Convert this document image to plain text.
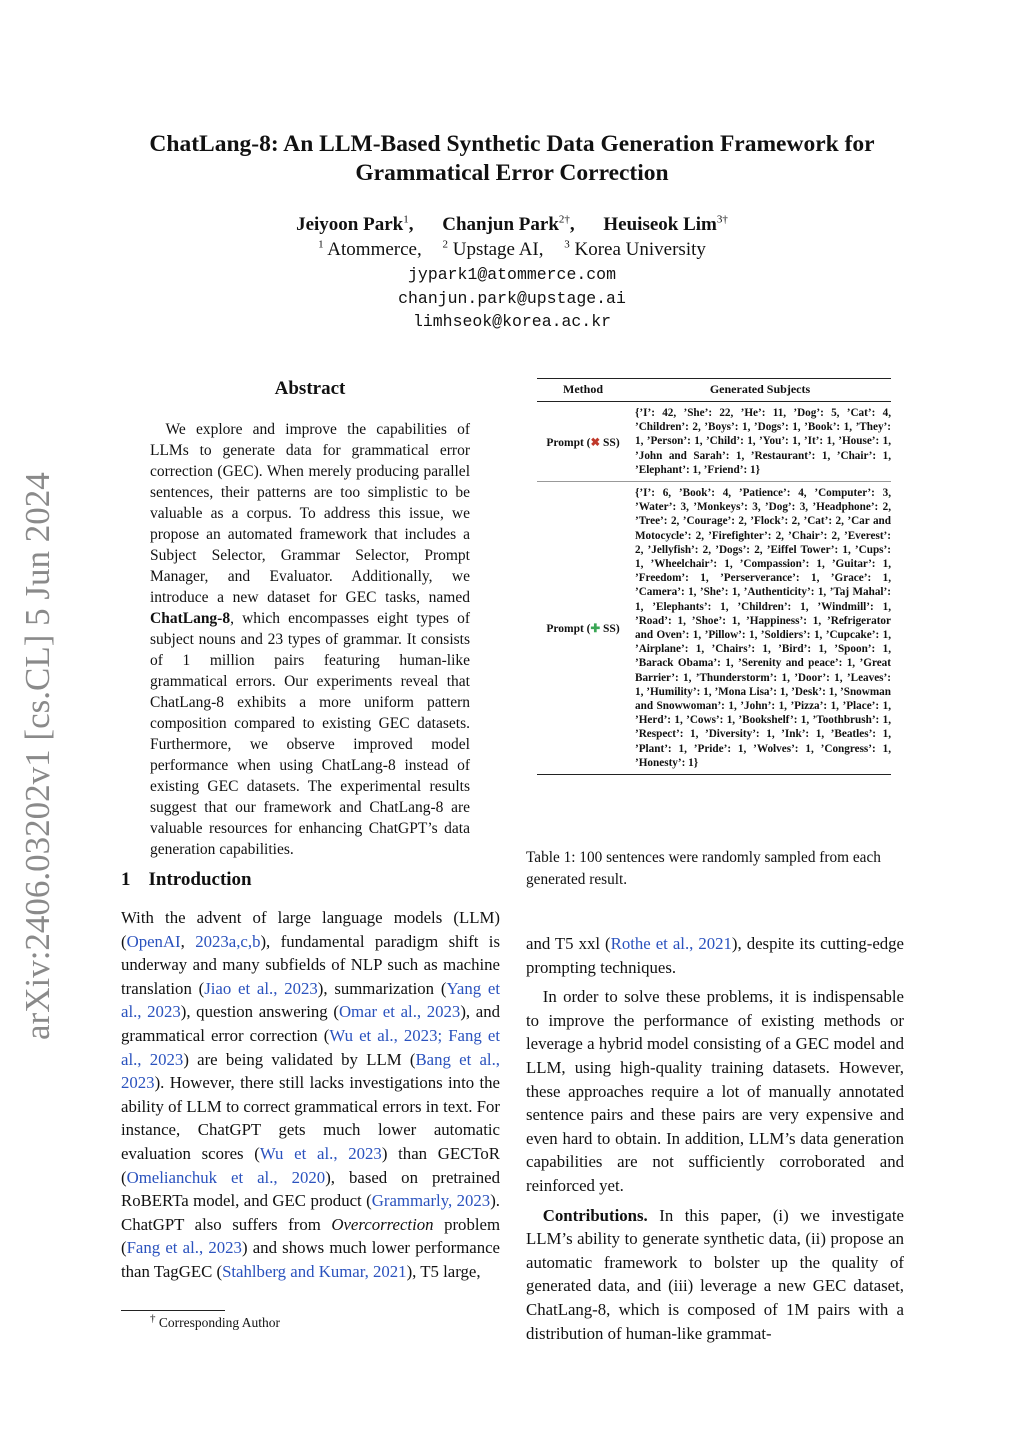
arXiv:2406.03202v1 [cs.CL] 5 Jun 2024
ChatLang-8: An LLM-Based Synthetic Data Generation Framework for
Grammatical Error Correction
Jeiyoon Park$^1$, Chanjun Park$^{2\dagger}$, Heuiseok Lim$^{3\dagger}$
$^1$ Atommerce, $^2$ Upstage AI, $^3$ Korea University
jypark1@atommerce.com
chanjun.park@upstage.ai
limhseok@korea.ac.kr
Abstract

We explore and improve the capabilities of LLMs to generate data for grammatical error correction (GEC). When merely producing parallel sentences, their patterns are too simplistic to be valuable as a corpus. To address this issue, we propose an automated framework that includes a Subject Selector, Grammar Selector, Prompt Manager, and Evaluator. Additionally, we introduce a new dataset for GEC tasks, named ChatLang-8, which encompasses eight types of subject nouns and 23 types of grammar. It consists of 1 million pairs featuring human-like grammatical errors. Our experiments reveal that ChatLang-8 exhibits a more uniform pattern composition compared to existing GEC datasets. Furthermore, we observe improved model performance when using ChatLang-8 instead of existing GEC datasets. The experimental results suggest that our framework and ChatLang-8 are valuable resources for enhancing ChatGPT’s data generation capabilities.

1 Introduction

With the advent of large language models (LLM) (OpenAI, 2023a,c,b), fundamental paradigm shift is underway and many subfields of NLP such as machine translation (Jiao et al., 2023), summarization (Yang et al., 2023), question answering (Omar et al., 2023), and grammatical error correction (Wu et al., 2023; Fang et al., 2023) are being validated by LLM (Bang et al., 2023). However, there still lacks investigations into the ability of LLM to correct grammatical errors in text. For instance, ChatGPT gets much lower automatic evaluation scores (Wu et al., 2023) than GECToR (Omelianchuk et al., 2020), based on pretrained RoBERTa model, and GEC product (Grammarly, 2023). ChatGPT also suffers from Overcorrection problem (Fang et al., 2023) and shows much lower performance than TagGEC (Stahlberg and Kumar, 2021), T5 large,

† Corresponding Author
Method	Generated Subjects
Prompt (✖ SS)	{’I’: 42, ’She’: 22, ’He’: 11, ’Dog’: 5, ’Cat’: 4, ’Children’: 2, ’Boys’: 1, ’Dogs’: 1, ’Book’: 1, ’They’: 1, ’Person’: 1, ’Child’: 1, ’You’: 1, ’It’: 1, ’House’: 1, ’John and Sarah’: 1, ’Restaurant’: 1, ’Chair’: 1, ’Elephant’: 1, ’Friend’: 1}
Prompt (✚ SS)	{’I’: 6, ’Book’: 4, ’Patience’: 4, ’Computer’: 3, ’Water’: 3, ’Monkeys’: 3, ’Dog’: 3, ’Headphone’: 2, ’Tree’: 2, ’Courage’: 2, ’Flock’: 2, ’Cat’: 2, ’Car and Motocycle’: 2, ’Firefighter’: 2, ’Chair’: 2, ’Everest’: 2, ’Jellyfish’: 2, ’Dogs’: 2, ’Eiffel Tower’: 1, ’Cups’: 1, ’Wheelchair’: 1, ’Compassion’: 1, ’Guitar’: 1, ’Freedom’: 1, ’Perserverance’: 1, ’Grace’: 1, ’Camera’: 1, ’She’: 1, ’Authenticity’: 1, ’Taj Mahal’: 1, ’Elephants’: 1, ’Children’: 1, ’Windmill’: 1, ’Road’: 1, ’Shoe’: 1, ’Happiness’: 1, ’Refrigerator and Oven’: 1, ’Pillow’: 1, ’Soldiers’: 1, ’Cupcake’: 1, ’Airplane’: 1, ’Chairs’: 1, ’Bird’: 1, ’Spoon’: 1, ’Barack Obama’: 1, ’Serenity and peace’: 1, ’Great Barrier’: 1, ’Thunderstorm’: 1, ’Door’: 1, ’Leaves’: 1, ’Humility’: 1, ’Mona Lisa’: 1, ’Desk’: 1, ’Snowman and Snowwoman’: 1, ’John’: 1, ’Pizza’: 1, ’Place’: 1, ’Herd’: 1, ’Cows’: 1, ’Bookshelf’: 1, ’Toothbrush’: 1, ’Respect’: 1, ’Diversity’: 1, ’Ink’: 1, ’Beatles’: 1, ’Plant’: 1, ’Pride’: 1, ’Wolves’: 1, ’Congress’: 1, ’Honesty’: 1}
Table 1: 100 sentences were randomly sampled from each generated result.

and T5 xxl (Rothe et al., 2021), despite its cutting-edge prompting techniques.

In order to solve these problems, it is indispensable to improve the performance of existing methods or leverage a hybrid model consisting of a GEC model and LLM, using high-quality training datasets. However, these approaches require a lot of manually annotated sentence pairs and these pairs are very expensive and even hard to obtain. In addition, LLM’s data generation capabilities are not sufficiently corroborated and reinforced yet.

Contributions. In this paper, (i) we investigate LLM’s ability to generate synthetic data, (ii) propose an automatic framework to bolster up the quality of generated data, and (iii) leverage a new GEC dataset, ChatLang-8, which is composed of 1M pairs with a distribution of human-like grammat-
